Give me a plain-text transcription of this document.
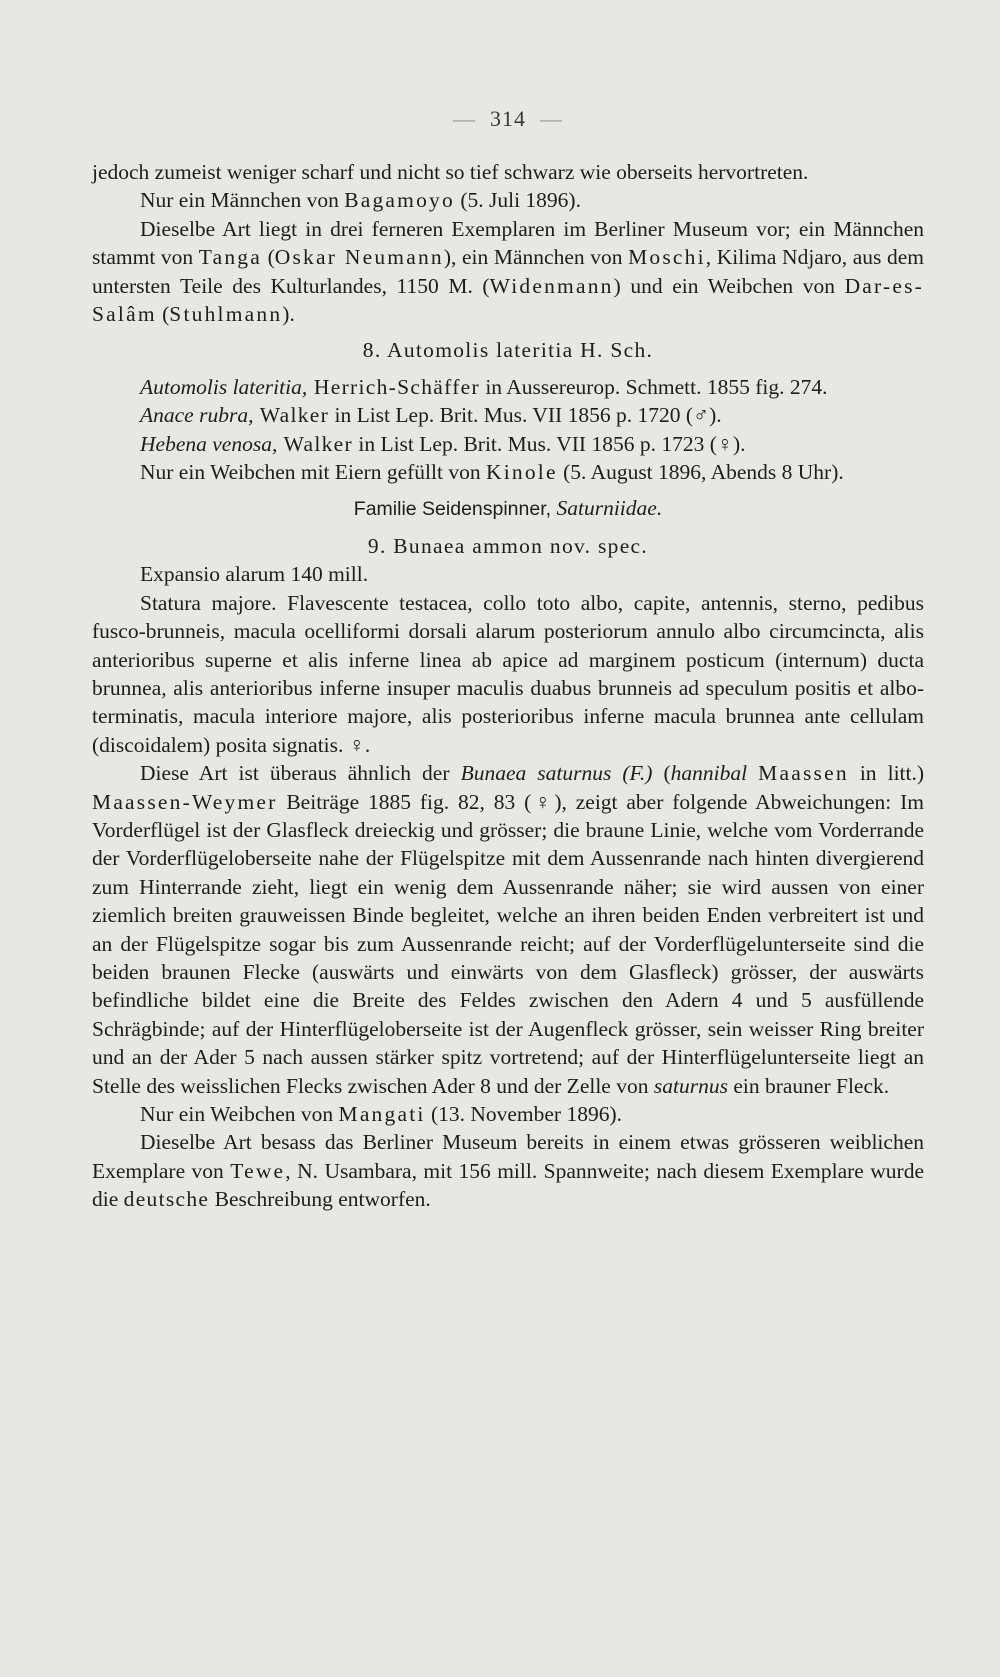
— 314 —

jedoch zumeist weniger scharf und nicht so tief schwarz wie oberseits hervortreten.

Nur ein Männchen von Bagamoyo (5. Juli 1896).

Dieselbe Art liegt in drei ferneren Exemplaren im Berliner Museum vor; ein Männchen stammt von Tanga (Oskar Neumann), ein Männchen von Moschi, Kilima Ndjaro, aus dem untersten Teile des Kulturlandes, 1150 M. (Widenmann) und ein Weibchen von Dar-es-Salâm (Stuhlmann).

8. Automolis lateritia H. Sch.

Automolis lateritia, Herrich-Schäffer in Aussereurop. Schmett. 1855 fig. 274.

Anace rubra, Walker in List Lep. Brit. Mus. VII 1856 p. 1720 (♂).

Hebena venosa, Walker in List Lep. Brit. Mus. VII 1856 p. 1723 (♀).

Nur ein Weibchen mit Eiern gefüllt von Kinole (5. August 1896, Abends 8 Uhr).

Familie Seidenspinner, Saturniidae.

9. Bunaea ammon nov. spec.

Expansio alarum 140 mill.

Statura majore. Flavescente testacea, collo toto albo, capite, antennis, sterno, pedibus fusco-brunneis, macula ocelliformi dorsali alarum posteriorum annulo albo circumcincta, alis anterioribus superne et alis inferne linea ab apice ad marginem posticum (internum) ducta brunnea, alis anterioribus inferne insuper maculis duabus brunneis ad speculum positis et albo-terminatis, macula interiore majore, alis posterioribus inferne macula brunnea ante cellulam (discoidalem) posita signatis. ♀.

Diese Art ist überaus ähnlich der Bunaea saturnus (F.) (hannibal Maassen in litt.) Maassen-Weymer Beiträge 1885 fig. 82, 83 (♀), zeigt aber folgende Abweichungen: Im Vorderflügel ist der Glasfleck dreieckig und grösser; die braune Linie, welche vom Vorderrande der Vorderflügeloberseite nahe der Flügelspitze mit dem Aussenrande nach hinten divergierend zum Hinterrande zieht, liegt ein wenig dem Aussenrande näher; sie wird aussen von einer ziemlich breiten grauweissen Binde begleitet, welche an ihren beiden Enden verbreitert ist und an der Flügelspitze sogar bis zum Aussenrande reicht; auf der Vorderflügelunterseite sind die beiden braunen Flecke (auswärts und einwärts von dem Glasfleck) grösser, der auswärts befindliche bildet eine die Breite des Feldes zwischen den Adern 4 und 5 ausfüllende Schrägbinde; auf der Hinterflügeloberseite ist der Augenfleck grösser, sein weisser Ring breiter und an der Ader 5 nach aussen stärker spitz vortretend; auf der Hinterflügelunterseite liegt an Stelle des weisslichen Flecks zwischen Ader 8 und der Zelle von saturnus ein brauner Fleck.

Nur ein Weibchen von Mangati (13. November 1896).

Dieselbe Art besass das Berliner Museum bereits in einem etwas grösseren weiblichen Exemplare von Tewe, N. Usambara, mit 156 mill. Spannweite; nach diesem Exemplare wurde die deutsche Beschreibung entworfen.
